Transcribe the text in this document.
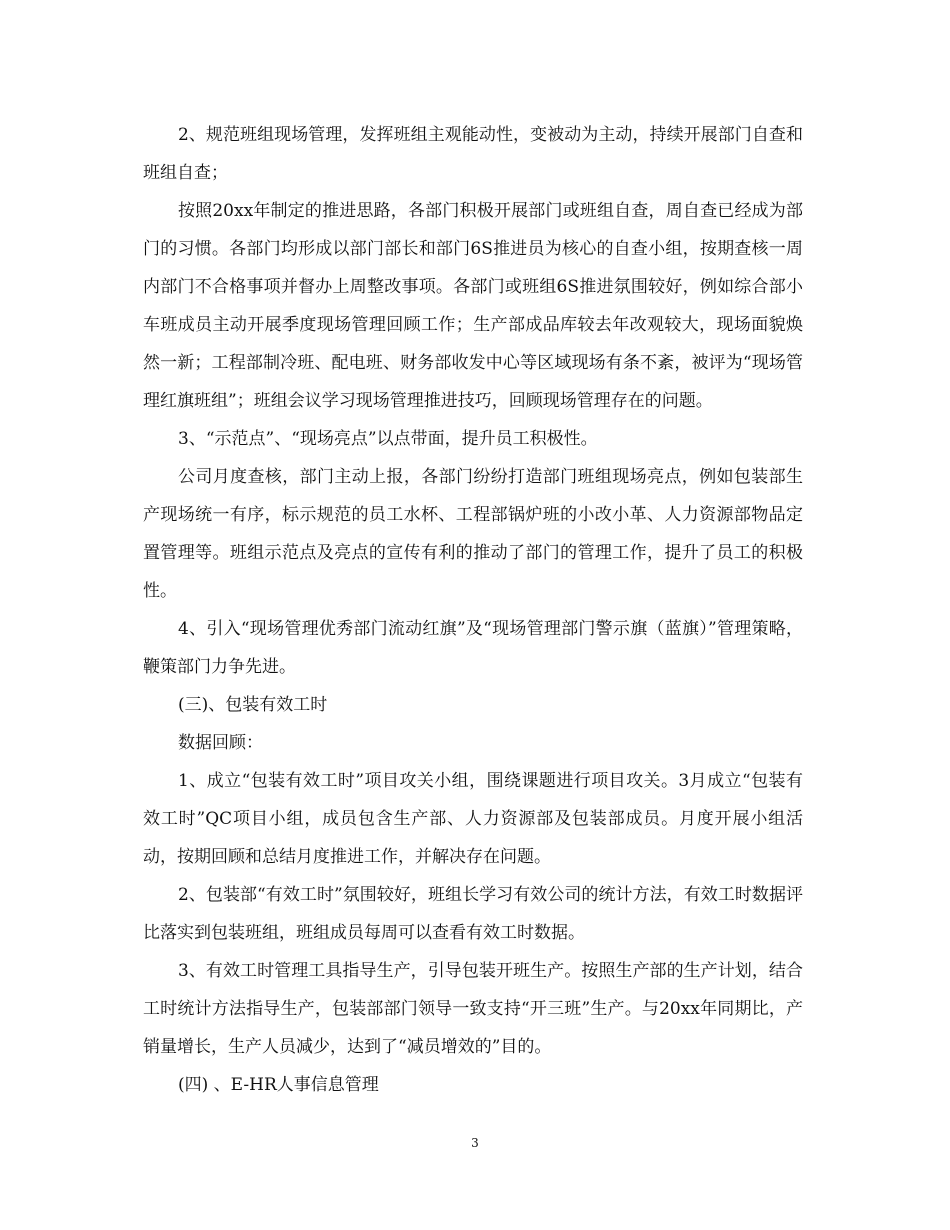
2、规范班组现场管理，发挥班组主观能动性，变被动为主动，持续开展部门自查和班组自查；

按照20xx年制定的推进思路，各部门积极开展部门或班组自查，周自查已经成为部门的习惯。各部门均形成以部门部长和部门6S推进员为核心的自查小组，按期查核一周内部门不合格事项并督办上周整改事项。各部门或班组6S推进氛围较好，例如综合部小车班成员主动开展季度现场管理回顾工作；生产部成品库较去年改观较大，现场面貌焕然一新；工程部制冷班、配电班、财务部收发中心等区域现场有条不紊，被评为“现场管理红旗班组”；班组会议学习现场管理推进技巧，回顾现场管理存在的问题。

3、“示范点”、“现场亮点”以点带面，提升员工积极性。

公司月度查核，部门主动上报，各部门纷纷打造部门班组现场亮点，例如包装部生产现场统一有序，标示规范的员工水杯、工程部锅炉班的小改小革、人力资源部物品定置管理等。班组示范点及亮点的宣传有利的推动了部门的管理工作，提升了员工的积极性。

4、引入“现场管理优秀部门流动红旗”及“现场管理部门警示旗（蓝旗）”管理策略，鞭策部门力争先进。

(三)、包装有效工时

数据回顾：

1、成立“包装有效工时”项目攻关小组，围绕课题进行项目攻关。3月成立“包装有效工时”QC项目小组，成员包含生产部、人力资源部及包装部成员。月度开展小组活动，按期回顾和总结月度推进工作，并解决存在问题。

2、包装部“有效工时”氛围较好，班组长学习有效公司的统计方法，有效工时数据评比落实到包装班组，班组成员每周可以查看有效工时数据。

3、有效工时管理工具指导生产，引导包装开班生产。按照生产部的生产计划，结合工时统计方法指导生产，包装部部门领导一致支持“开三班”生产。与20xx年同期比，产销量增长，生产人员减少，达到了“减员增效的”目的。

(四) 、E-HR人事信息管理

3
